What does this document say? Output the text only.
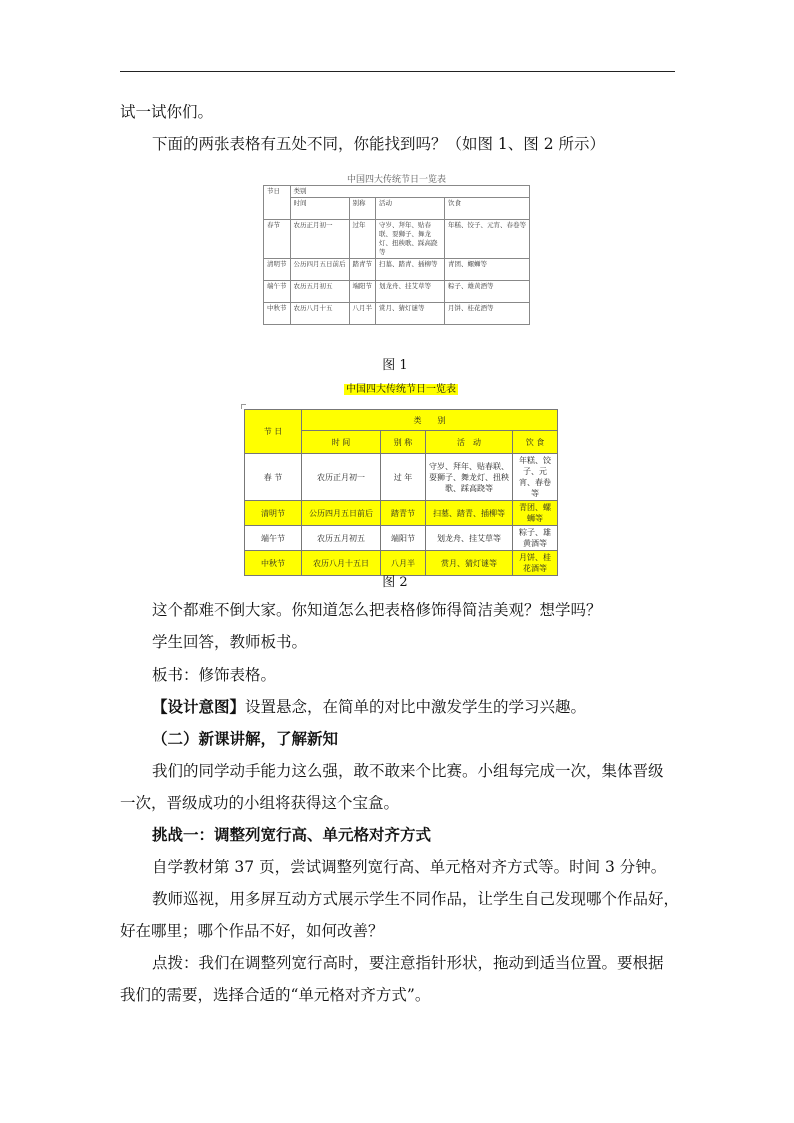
试一试你们。
下面的两张表格有五处不同，你能找到吗？（如图 1、图 2 所示）
中国四大传统节日一览表
节日	类别			
	时间	别称	活动	饮食
春节	农历正月初一	过年	守岁、拜年、贴春联、耍狮子、舞龙灯、扭秧歌、踩高跷等	年糕、饺子、元宵、春卷等
清明节	公历四月五日前后	踏青节	扫墓、踏青、插柳等	青团、螺蛳等
端午节	农历五月初五	端阳节	划龙舟、挂艾草等	粽子、雄黄酒等
中秋节	农历八月十五	八月半	赏月、猜灯谜等	月饼、桂花酒等
图 1
中国四大传统节日一览表
节 日	类　　别			
	时 间	别 称	活　动	饮 食
春 节	农历正月初一	过 年	守岁、拜年、贴春联、耍狮子、舞龙灯、扭秧歌、踩高跷等	年糕、饺子、元宵、春卷等
清明节	公历四月五日前后	踏青节	扫墓、踏青、插柳等	青团、螺蛳等
端午节	农历五月初五	端阳节	划龙舟、挂艾草等	粽子、雄黄酒等
中秋节	农历八月十五日	八月半	赏月、猜灯谜等	月饼、桂花酒等
图 2
这个都难不倒大家。你知道怎么把表格修饰得简洁美观？想学吗？
学生回答，教师板书。
板书：修饰表格。
【设计意图】设置悬念，在简单的对比中激发学生的学习兴趣。
（二）新课讲解，了解新知
我们的同学动手能力这么强，敢不敢来个比赛。小组每完成一次，集体晋级
一次，晋级成功的小组将获得这个宝盒。
挑战一：调整列宽行高、单元格对齐方式
自学教材第 37 页，尝试调整列宽行高、单元格对齐方式等。时间 3 分钟。
教师巡视，用多屏互动方式展示学生不同作品，让学生自己发现哪个作品好，
好在哪里；哪个作品不好，如何改善？
点拨：我们在调整列宽行高时，要注意指针形状，拖动到适当位置。要根据
我们的需要，选择合适的“单元格对齐方式”。
